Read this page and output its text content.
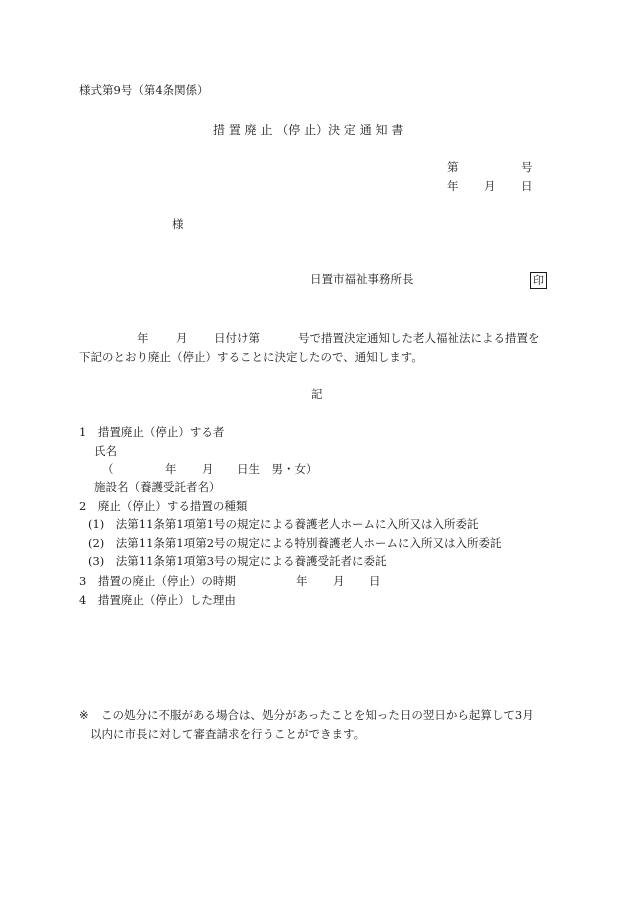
様式第9号（第4条関係）
措 置 廃 止 （停 止）決 定 通 知 書
第	号
年 月 日
様
日置市福祉事務所長	印
年 月 日付け第	号で措置決定通知した老人福祉法による措置を
下記のとおり廃止（停止）することに決定したので、通知します。
記
1　措置廃止（停止）する者
氏名
（	年 月 日生　男・女）
施設名（養護受託者名）
2　廃止（停止）する措置の種類
(1)　法第11条第1項第1号の規定による養護老人ホームに入所又は入所委託
(2)　法第11条第1項第2号の規定による特別養護老人ホームに入所又は入所委託
(3)　法第11条第1項第3号の規定による養護受託者に委託
3　措置の廃止（停止）の時期	年 月 日
4　措置廃止（停止）した理由
※ この処分に不服がある場合は、処分があったことを知った日の翌日から起算して3月
以内に市長に対して審査請求を行うことができます。
